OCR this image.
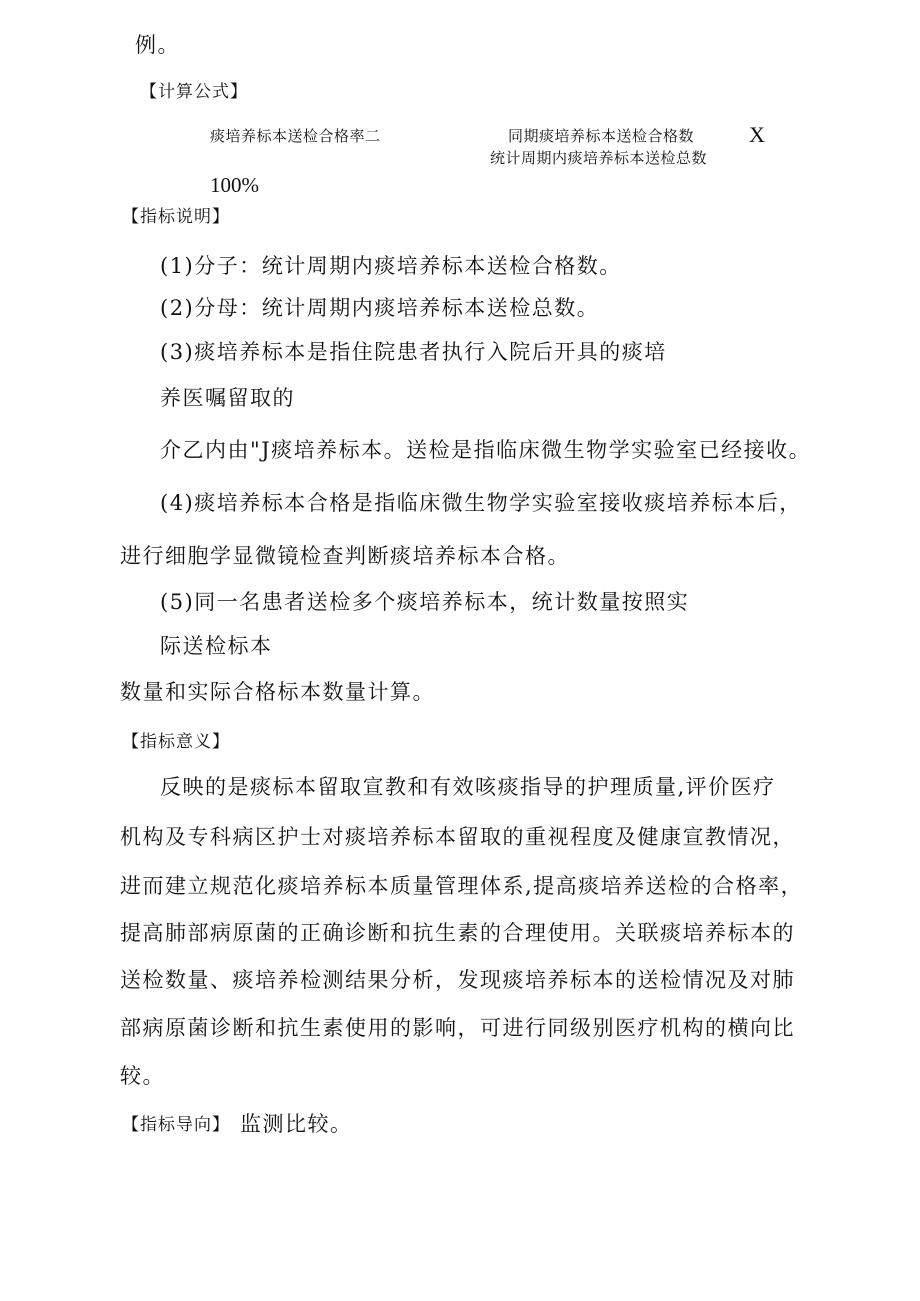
例。
【计算公式】
痰培养标本送检合格率二	同期痰培养标本送检合格数
统计周期内痰培养标本送检总数
X
100%
【指标说明】
(1)分子：统计周期内痰培养标本送检合格数。
(2)分母：统计周期内痰培养标本送检总数。
(3)痰培养标本是指住院患者执行入院后开具的痰培
养医嘱留取的
介乙内由"J痰培养标本。送检是指临床微生物学实验室已经接收。
(4)痰培养标本合格是指临床微生物学实验室接收痰培养标本后，
进行细胞学显微镜检查判断痰培养标本合格。
(5)同一名患者送检多个痰培养标本，统计数量按照实
际送检标本
数量和实际合格标本数量计算。
【指标意义】
反映的是痰标本留取宣教和有效咳痰指导的护理质量,评价医疗
机构及专科病区护士对痰培养标本留取的重视程度及健康宣教情况，
进而建立规范化痰培养标本质量管理体系,提高痰培养送检的合格率，
提高肺部病原菌的正确诊断和抗生素的合理使用。关联痰培养标本的
送检数量、痰培养检测结果分析，发现痰培养标本的送检情况及对肺
部病原菌诊断和抗生素使用的影响，可进行同级别医疗机构的横向比
较。
【指标导向】 监测比较。
